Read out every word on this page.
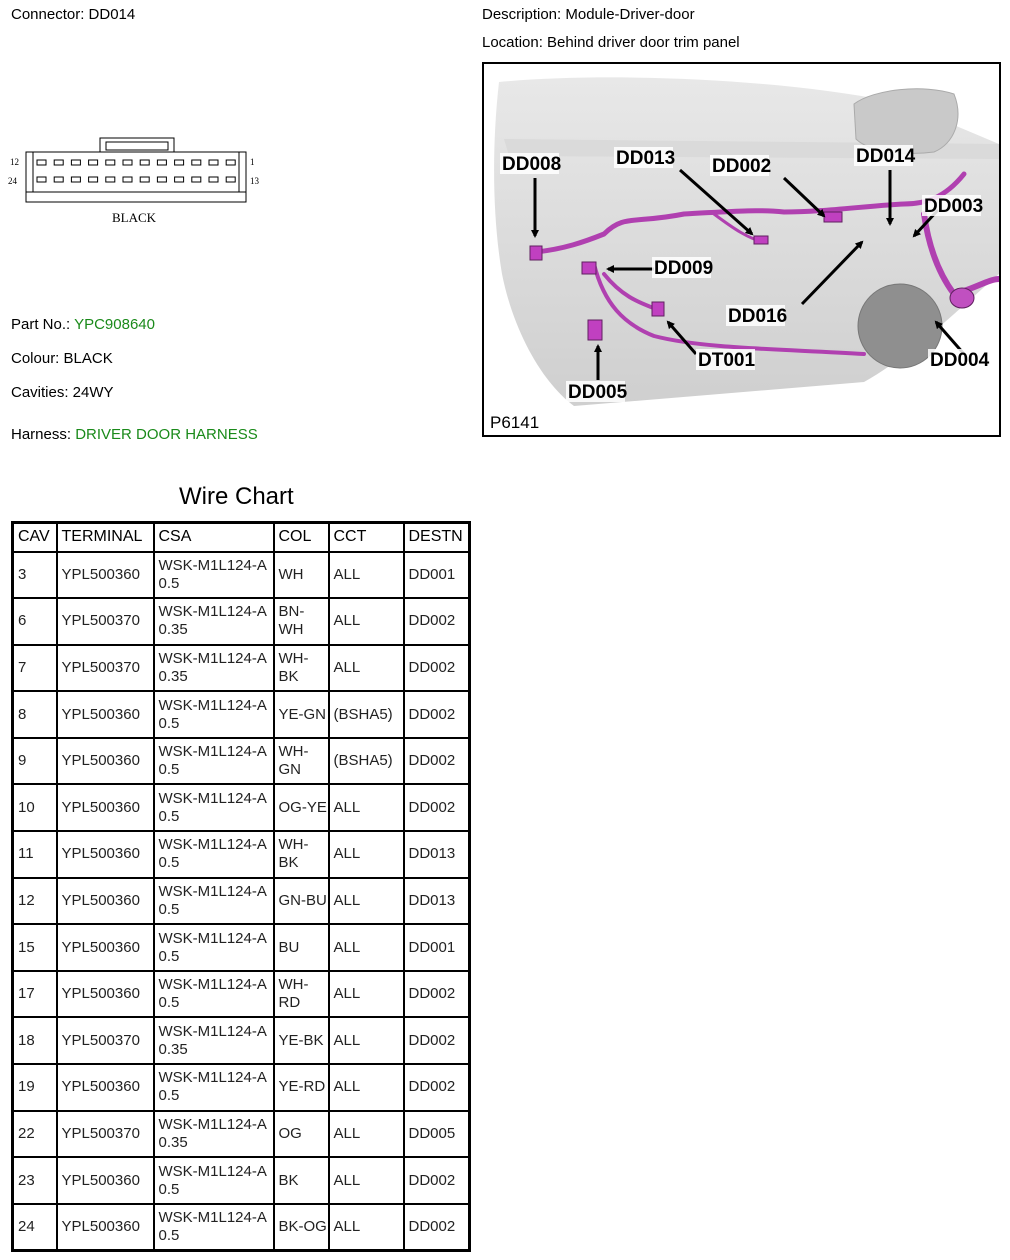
Connector: DD014	Description: Module-Driver-door
Location: Behind driver door trim panel
12
24
1
13
BLACK
Part No.: YPC908640
Colour: BLACK
Cavities: 24WY
Harness: DRIVER DOOR HARNESS
DD008	DD013 DD002	DD014
DD003
DD009
DD016
DT001	DD004
DD005
P6141
Wire Chart
CAV	TERMINAL	CSA	COL	CCT	DESTN
3	YPL500360	WSK-M1L124-A 0.5	WH	ALL	DD001
6	YPL500370	WSK-M1L124-A 0.35	BN-WH	ALL	DD002
7	YPL500370	WSK-M1L124-A 0.35	WH-BK	ALL	DD002
8	YPL500360	WSK-M1L124-A 0.5	YE-GN	(BSHA5)	DD002
9	YPL500360	WSK-M1L124-A 0.5	WH-GN	(BSHA5)	DD002
10	YPL500360	WSK-M1L124-A 0.5	OG-YE	ALL	DD002
11	YPL500360	WSK-M1L124-A 0.5	WH-BK	ALL	DD013
12	YPL500360	WSK-M1L124-A 0.5	GN-BU	ALL	DD013
15	YPL500360	WSK-M1L124-A 0.5	BU	ALL	DD001
17	YPL500360	WSK-M1L124-A 0.5	WH-RD	ALL	DD002
18	YPL500370	WSK-M1L124-A 0.35	YE-BK	ALL	DD002
19	YPL500360	WSK-M1L124-A 0.5	YE-RD	ALL	DD002
22	YPL500370	WSK-M1L124-A 0.35	OG	ALL	DD005
23	YPL500360	WSK-M1L124-A 0.5	BK	ALL	DD002
24	YPL500360	WSK-M1L124-A 0.5	BK-OG	ALL	DD002
